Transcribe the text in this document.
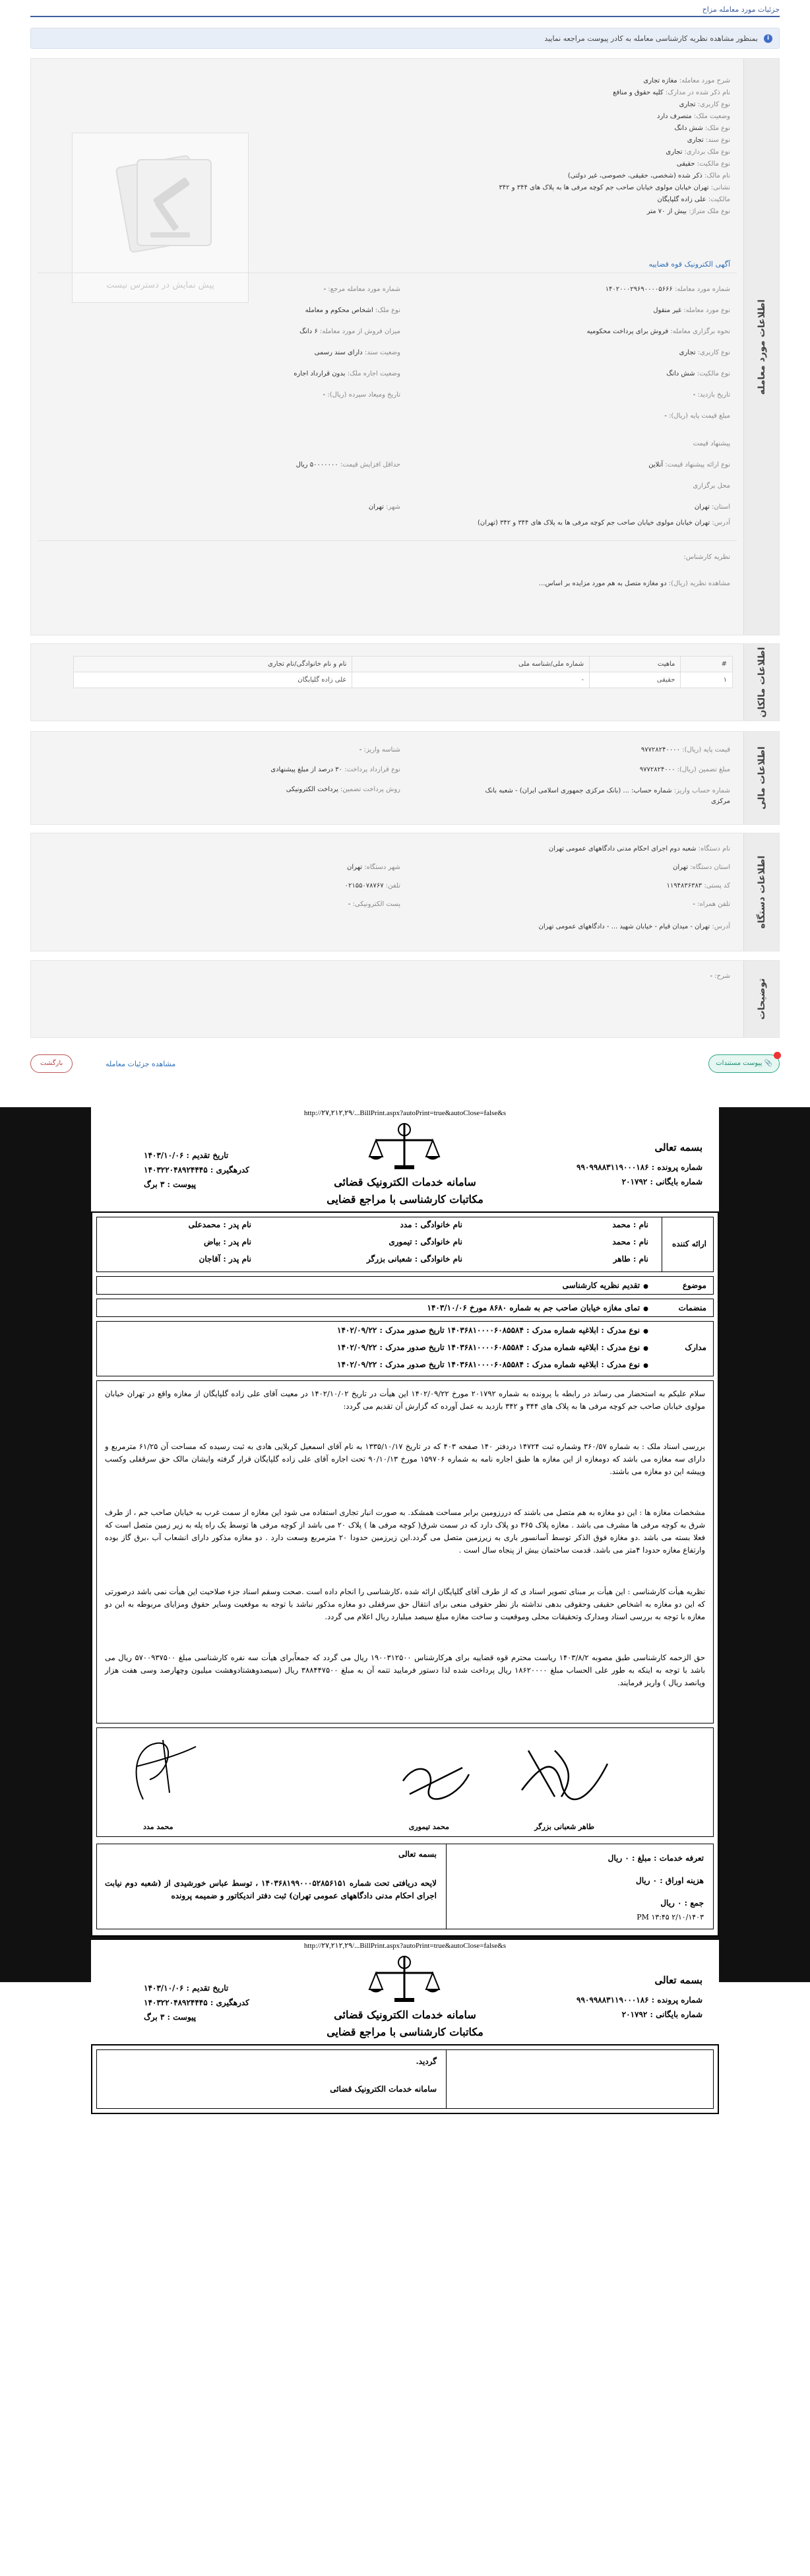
جزئیات مورد معامله مزاح
i
بمنظور مشاهده نظریه کارشناسی معامله به کادر پیوست مراجعه نمایید
اطلاعات مورد معامله
شرح مورد معامله: مغازه تجاری
نام ذکر شده در مدارک: کلیه حقوق و منافع
نوع کاربری: تجاری
وضعیت ملک: متصرف دارد
نوع ملک: شش دانگ
نوع سند: تجاری
نوع ملک برداری: تجاری
نوع مالکیت: حقیقی
نام مالک: ذکر شده (شخصی، حقیقی، خصوصی، غیر دولتی)
نشانی: تهران خیابان مولوی خیابان صاحب جم کوچه مرفی ها به پلاک های ۳۴۴ و ۳۴۲
مالکیت: علی زاده گلپایگان
نوع ملک متراژ: بیش از ۷۰ متر
پیش نمایش در دسترس نیست
آگهی الکترونیک قوه قضاییه
شماره مورد معامله: ۱۴۰۲۰۰۰۲۹۶۹۰۰۰۰۵۶۶۶
نوع مورد معامله: غیر منقول
نحوه برگزاری معامله: فروش برای پرداخت محکومیه
نوع کاربری: تجاری
نوع مالکیت: شش دانگ
تاریخ بازدید: -
مبلغ قیمت پایه (ریال): -
شماره مورد معامله مرجع: -
نوع ملک: اشخاص محکوم و معامله
میزان فروش از مورد معامله: ۶ دانگ
وضعیت سند: دارای سند رسمی
وضعیت اجاره ملک: بدون قرارداد اجاره
تاریخ ومیعاد سپرده (ریال): -
پیشنهاد قیمت
نوع ارائه پیشنهاد قیمت: آنلاین
حداقل افزایش قیمت: ۵۰۰۰۰۰۰۰ ریال
محل برگزاری
استان: تهران
شهر: تهران
آدرس: تهران خیابان مولوی خیابان صاحب جم کوچه مرفی ها به پلاک های ۳۴۴ و ۳۴۲ (تهران)
نظریه کارشناس:
مشاهده نظریه (ریال): دو مغازه متصل به هم مورد مزایده بر اساس...
اطلاعات مالکان
#	ماهیت	شماره ملی/شناسه ملی	نام و نام خانوادگی/نام تجاری
۱	حقیقی	-	علی زاده گلپایگان
اطلاعات مالی
قیمت پایه (ریال): ۹۷۷۲۸۲۴۰۰۰۰
مبلغ تضمین (ریال): ۹۷۷۲۸۲۴۰۰۰
شماره حساب واریز: شماره حساب: ... (بانک مرکزی جمهوری اسلامی ایران) - شعبه بانک مرکزی
شناسه واریز: -
نوع قرارداد پرداخت: ۳۰ درصد از مبلغ پیشنهادی
روش پرداخت تضمین: پرداخت الکترونیکی
اطلاعات دستگاه
نام دستگاه: شعبه دوم اجرای احکام مدنی دادگاههای عمومی تهران
استان دستگاه: تهران
شهر دستگاه: تهران
کد پستی: ۱۱۹۴۸۳۶۳۸۳
تلفن: ۰۲۱۵۵۰۷۸۷۶۷
تلفن همراه: -
پست الکترونیکی: -
آدرس: تهران - میدان قیام - خیابان شهید ... - دادگاههای عمومی تهران
توضیحات
شرح: -
📎 پیوست مستندات
مشاهده جزئیات معامله
بازگشت
http://۲۷,۲۱۲,۲۹/...BillPrint.aspx?autoPrint=true&autoClose=false&s
بسمه تعالی
شماره پرونده : ۹۹۰۹۹۸۸۳۱۱۹۰۰۰۱۸۶
شماره بایگانی : ۲۰۱۷۹۲
سامانه خدمات الکترونیک قضائی
مکاتبات کارشناسی با مراجع قضایی
تاریخ تقدیم : ۱۴۰۳/۱۰/۰۶
کدرهگیری : ۱۴۰۳۲۲۰۴۸۹۲۴۴۴۵
پیوست : ۳ برگ
ارائه کننده
نام : محمد
نام خانوادگی : مدد
نام پدر : محمدعلی
نام : محمد
نام خانوادگی : تیموری
نام پدر : بیاض
نام : طاهر
نام خانوادگی : شعبانی بزرگر
نام پدر : آقاجان
موضوع
● تقدیم نظریه کارشناسی
منضمات
● تمای مغازه خیابان صاحب جم به شماره ۸۶۸۰ مورخ ۱۴۰۳/۱۰/۰۶
مدارک
● نوع مدرک : ابلاغیه شماره مدرک : ۱۴۰۳۶۸۱۰۰۰۰۶۰۸۵۵۸۴ تاریخ صدور مدرک : ۱۴۰۲/۰۹/۲۲
● نوع مدرک : ابلاغیه شماره مدرک : ۱۴۰۳۶۸۱۰۰۰۰۶۰۸۵۵۸۴ تاریخ صدور مدرک : ۱۴۰۲/۰۹/۲۲
● نوع مدرک : ابلاغیه شماره مدرک : ۱۴۰۳۶۸۱۰۰۰۰۶۰۸۵۵۸۴ تاریخ صدور مدرک : ۱۴۰۲/۰۹/۲۲
سلام علیکم به استحضار می رساند در رابطه با پرونده به شماره ۲۰۱۷۹۲ مورخ ۱۴۰۲/۰۹/۲۲ این هیأت در تاریخ ۱۴۰۲/۱۰/۰۲ در معیت آقای علی زاده گلپایگان از مغازه واقع در تهران خیابان مولوی خیابان صاحب جم کوچه مرفی ها به پلاک های ۳۴۴ و ۳۴۲ بازدید به عمل آورده که گزارش آن تقدیم می گردد:
بررسی اسناد ملک : به شماره ۳۶۰/۵۷ وشماره ثبت ۱۴۷۲۴ دردفتر ۱۴۰ صفحه ۴۰۳ که در تاریخ ۱۳۳۵/۱۰/۱۷ به نام آقای اسمعیل کربلایی هادی به ثبت رسیده که مساحت آن ۶۱/۲۵ مترمربع و دارای سه مغازه می باشد که دومغازه از این مغازه ها طبق اجاره نامه به شماره ۱۵۹۷۰۶ مورخ ۹۰/۱۰/۱۳ تحت اجاره آقای علی زاده گلپایگان قرار گرفته وایشان مالک حق سرقفلی وکسب وپیشه این دو مغازه می باشند.
مشخصات مغازه ها : این دو مغازه به هم متصل می باشند که دررزومین برابر مساحت همشکد. به صورت انبار تجاری استفاده می شود این مغازه از سمت غرب به خیابان صاحب جم ، از طرف شرق به کوچه مرفی ها مشرف می باشد . مغازه پلاک ۳۶۵ دو پلاک دارد که در سمت شرق( کوچه مرفی ها ) پلاک ۲۰ می باشد از کوچه مرفی ها توسط یک راه پله به زیر زمین متصل است که فعلا بسته می باشد .دو مغازه فوق الذکر توسط آسانسور باری به زیرزمین متصل می گردد.این زیرزمین حدودا ۲۰ مترمربع وسعت دارد . دو مغازه مذکور دارای انشعاب آب ،برق گاز بوده وارتفاع مغازه حدودا ۴متر می باشد. قدمت ساختمان بیش از پنجاه سال است .
نظریه هیأت کارشناسی : این هیأت بر مبنای تصویر اسناد ی که از طرف آقای گلپایگان ارائه شده ،کارشناسی را انجام داده است .صحت وسقم اسناد جزء صلاحیت این هیأت نمی باشد درصورتی که این دو مغازه به اشخاص حقیقی وحقوقی بدهی نداشته باز نظر حقوقی منعی برای انتقال حق سرقفلی دو مغازه مذکور نباشد با توجه به موقعیت وسایر حقوق ومزایای مربوطه به این دو مغازه با توجه به بررسی اسناد ومدارک وتحقیقات محلی وموقعیت و ساخت مغازه مبلغ سیصد میلیارد ریال اعلام می گردد.
حق الزحمه کارشناسی طبق مصوبه ۱۴۰۳/۸/۲ ریاست محترم قوه قضاییه برای هرکارشناس ۱۹۰۰۳۱۲۵۰۰ ریال می گردد که جمعاًبرای هیأت سه نفره کارشناسی مبلغ ۵۷۰۰۹۳۷۵۰۰ ریال می باشد با توجه به اینکه به طور علی الحساب مبلغ ۱۸۶۲۰۰۰۰ ریال پرداخت شده لذا دستور فرمایید تتمه آن به مبلغ ۳۸۸۴۴۷۵۰۰ ریال (سیصدوهشتادوهشت میلیون وچهارصد وسی هفت هزار وپانصد ریال ) واریز فرمایند.
طاهر شعبانی بزرگر
محمد تیموری
محمد مدد
بسمه تعالی
لایحه دریافتی تحت شماره ۱۴۰۳۶۸۱۹۹۰۰۰۵۲۸۵۶۱۵۱ ، توسط عباس خورشیدی از (شعبه دوم نیابت اجرای احکام مدنی دادگاههای عمومی تهران) ثبت دفتر اندیکاتور و ضمیمه پرونده
تعرفه خدمات : مبلغ : ۰ ریال
هزینه اوراق : ۰ ریال
جمع : ۰ ریال
۲/۱۰/۱۴۰۳ ۱۳:۴۵ PM
http://۲۷,۲۱۲,۲۹/...BillPrint.aspx?autoPrint=true&autoClose=false&s
بسمه تعالی
شماره پرونده : ۹۹۰۹۹۸۸۳۱۱۹۰۰۰۱۸۶
شماره بایگانی : ۲۰۱۷۹۲
سامانه خدمات الکترونیک قضائی
مکاتبات کارشناسی با مراجع قضایی
تاریخ تقدیم : ۱۴۰۳/۱۰/۰۶
کدرهگیری : ۱۴۰۳۲۲۰۴۸۹۲۴۴۴۵
پیوست : ۳ برگ
گردید.
سامانه خدمات الکترونیک قضائی
